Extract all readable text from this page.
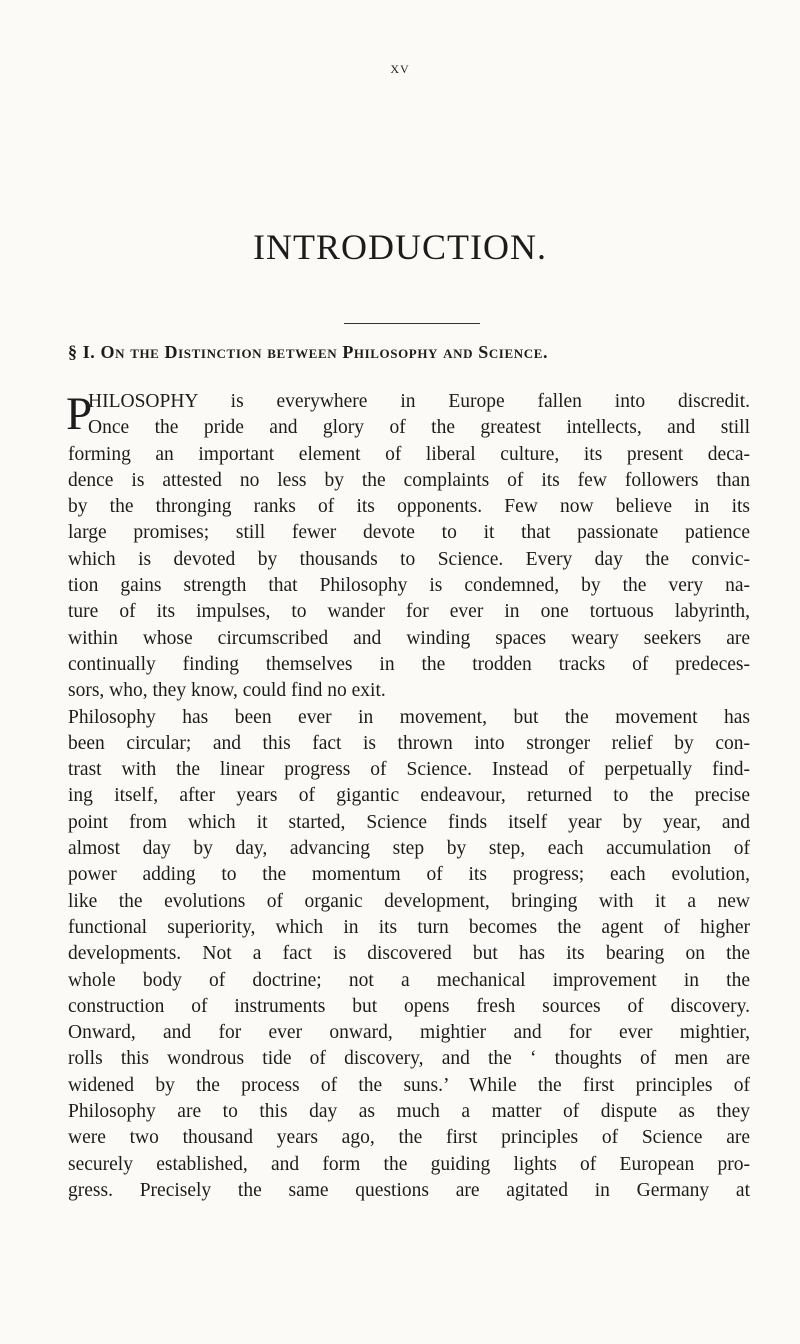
XV
INTRODUCTION.
§ I. On the Distinction between Philosophy and Science.
P
HILOSOPHY is everywhere in Europe fallen into discredit.
Once the pride and glory of the greatest intellects, and still
forming an important element of liberal culture, its present deca-
dence is attested no less by the complaints of its few followers than
by the thronging ranks of its opponents. Few now believe in its
large promises; still fewer devote to it that passionate patience
which is devoted by thousands to Science. Every day the convic-
tion gains strength that Philosophy is condemned, by the very na-
ture of its impulses, to wander for ever in one tortuous labyrinth,
within whose circumscribed and winding spaces weary seekers are
continually finding themselves in the trodden tracks of predeces-
sors, who, they know, could find no exit.
Philosophy has been ever in movement, but the movement has
been circular; and this fact is thrown into stronger relief by con-
trast with the linear progress of Science. Instead of perpetually find-
ing itself, after years of gigantic endeavour, returned to the precise
point from which it started, Science finds itself year by year, and
almost day by day, advancing step by step, each accumulation of
power adding to the momentum of its progress; each evolution,
like the evolutions of organic development, bringing with it a new
functional superiority, which in its turn becomes the agent of higher
developments. Not a fact is discovered but has its bearing on the
whole body of doctrine; not a mechanical improvement in the
construction of instruments but opens fresh sources of discovery.
Onward, and for ever onward, mightier and for ever mightier,
rolls this wondrous tide of discovery, and the ‘ thoughts of men are
widened by the process of the suns.’ While the first principles of
Philosophy are to this day as much a matter of dispute as they
were two thousand years ago, the first principles of Science are
securely established, and form the guiding lights of European pro-
gress. Precisely the same questions are agitated in Germany at
